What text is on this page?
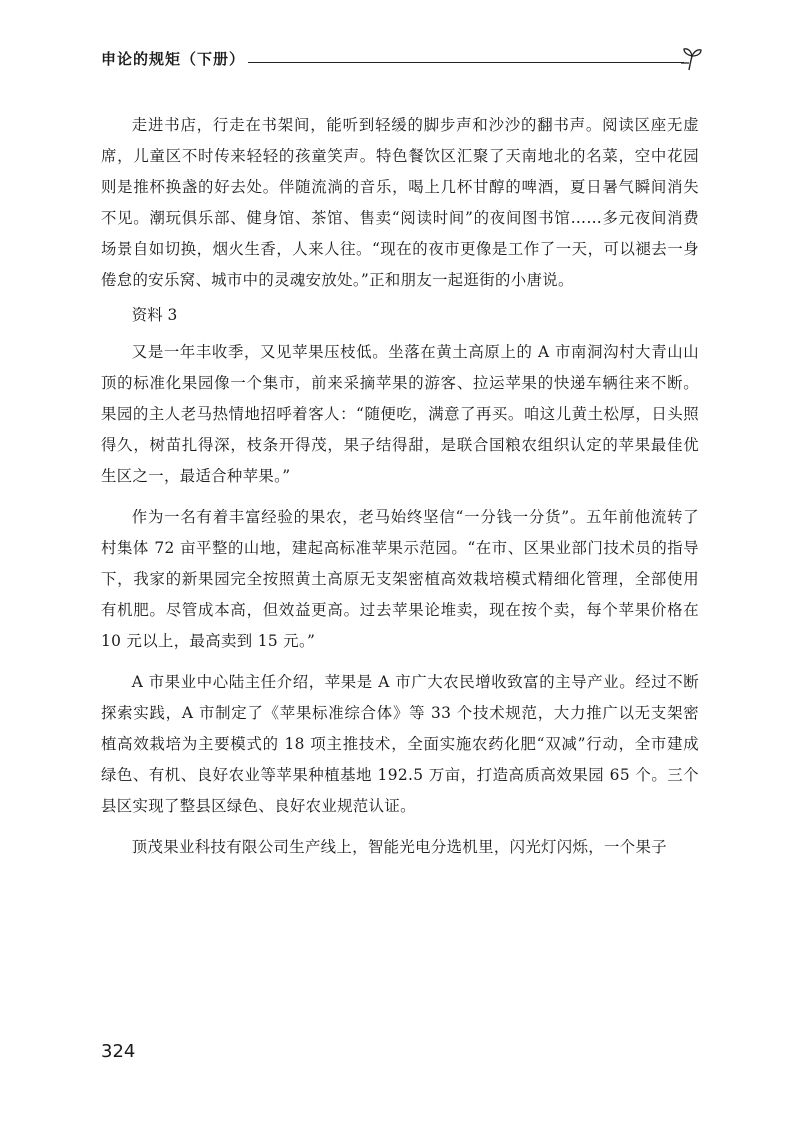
申论的规矩（下册）

走进书店，行走在书架间，能听到轻缓的脚步声和沙沙的翻书声。阅读区座无虚席，儿童区不时传来轻轻的孩童笑声。特色餐饮区汇聚了天南地北的名菜，空中花园则是推杯换盏的好去处。伴随流淌的音乐，喝上几杯甘醇的啤酒，夏日暑气瞬间消失不见。潮玩俱乐部、健身馆、茶馆、售卖“阅读时间”的夜间图书馆……多元夜间消费场景自如切换，烟火生香，人来人往。“现在的夜市更像是工作了一天，可以褪去一身倦怠的安乐窝、城市中的灵魂安放处。”正和朋友一起逛街的小唐说。

资料 3

又是一年丰收季，又见苹果压枝低。坐落在黄土高原上的 A 市南洞沟村大青山山顶的标准化果园像一个集市，前来采摘苹果的游客、拉运苹果的快递车辆往来不断。果园的主人老马热情地招呼着客人：“随便吃，满意了再买。咱这儿黄土松厚，日头照得久，树苗扎得深，枝条开得茂，果子结得甜，是联合国粮农组织认定的苹果最佳优生区之一，最适合种苹果。”

作为一名有着丰富经验的果农，老马始终坚信“一分钱一分货”。五年前他流转了村集体 72 亩平整的山地，建起高标准苹果示范园。“在市、区果业部门技术员的指导下，我家的新果园完全按照黄土高原无支架密植高效栽培模式精细化管理，全部使用有机肥。尽管成本高，但效益更高。过去苹果论堆卖，现在按个卖，每个苹果价格在 10 元以上，最高卖到 15 元。”

A 市果业中心陆主任介绍，苹果是 A 市广大农民增收致富的主导产业。经过不断探索实践，A 市制定了《苹果标准综合体》等 33 个技术规范，大力推广以无支架密植高效栽培为主要模式的 18 项主推技术，全面实施农药化肥“双减”行动，全市建成绿色、有机、良好农业等苹果种植基地 192.5 万亩，打造高质高效果园 65 个。三个县区实现了整县区绿色、良好农业规范认证。

顶茂果业科技有限公司生产线上，智能光电分选机里，闪光灯闪烁，一个果子

324
